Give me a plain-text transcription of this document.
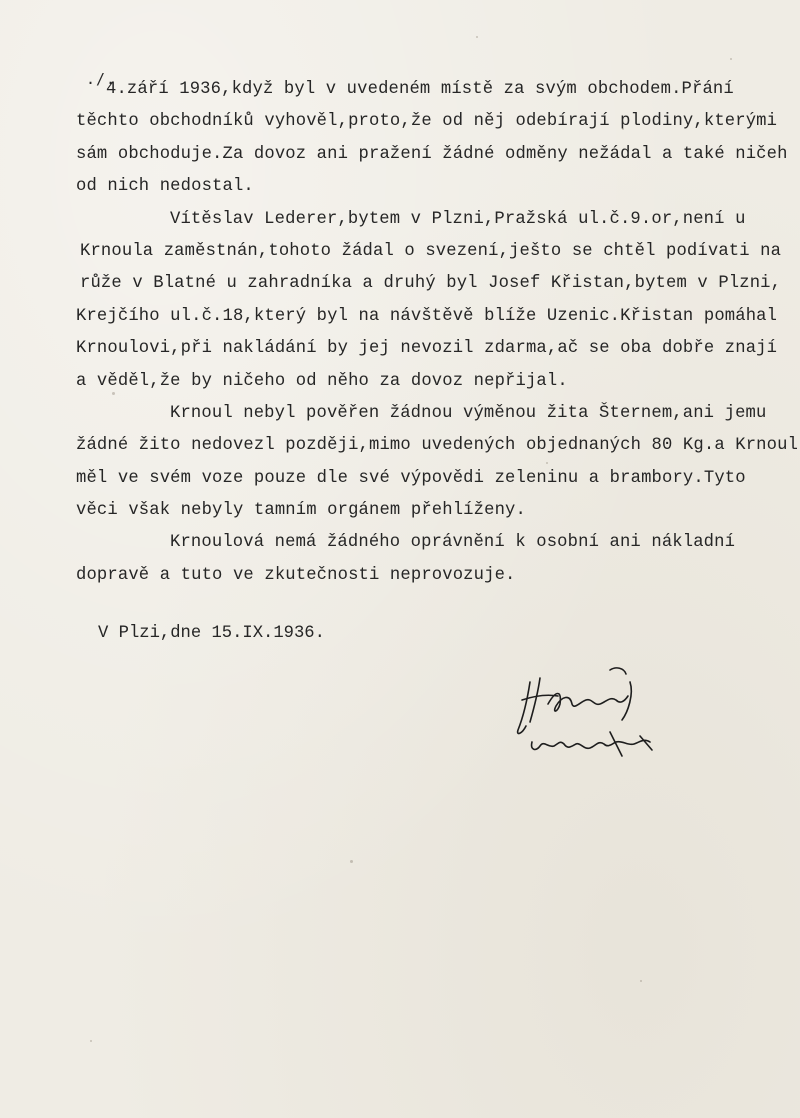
./.
4.září 1936,když byl v uvedeném místě za svým obchodem.Přání
těchto obchodníků vyhověl,proto,že od něj odebírají plodiny,kterými
sám obchoduje.Za dovoz ani pražení žádné odměny nežádal a také ničeh
od nich nedostal.
Vítěslav Lederer,bytem v Plzni,Pražská ul.č.9.or,není u
Krnoula zaměstnán,tohoto žádal o svezení,ješto se chtěl podívati na
růže v Blatné u zahradníka a druhý byl Josef Křistan,bytem v Plzni,
Krejčího ul.č.18,který byl na návštěvě blíže Uzenic.Křistan pomáhal
Krnoulovi,při nakládání by jej nevozil zdarma,ač se oba dobře znají
a věděl,že by ničeho od něho za dovoz nepřijal.
Krnoul nebyl pověřen žádnou výměnou žita Šternem,ani jemu
žádné žito nedovezl později,mimo uvedených objednaných 80 Kg.a Krnoul
měl ve svém voze pouze dle své výpovědi zeleninu a brambory.Tyto
věci však nebyly tamním orgánem přehlíženy.
Krnoulová nemá žádného oprávnění k osobní ani nákladní
dopravě a tuto ve zkutečnosti neprovozuje.
V Plzi,dne 15.IX.1936.
